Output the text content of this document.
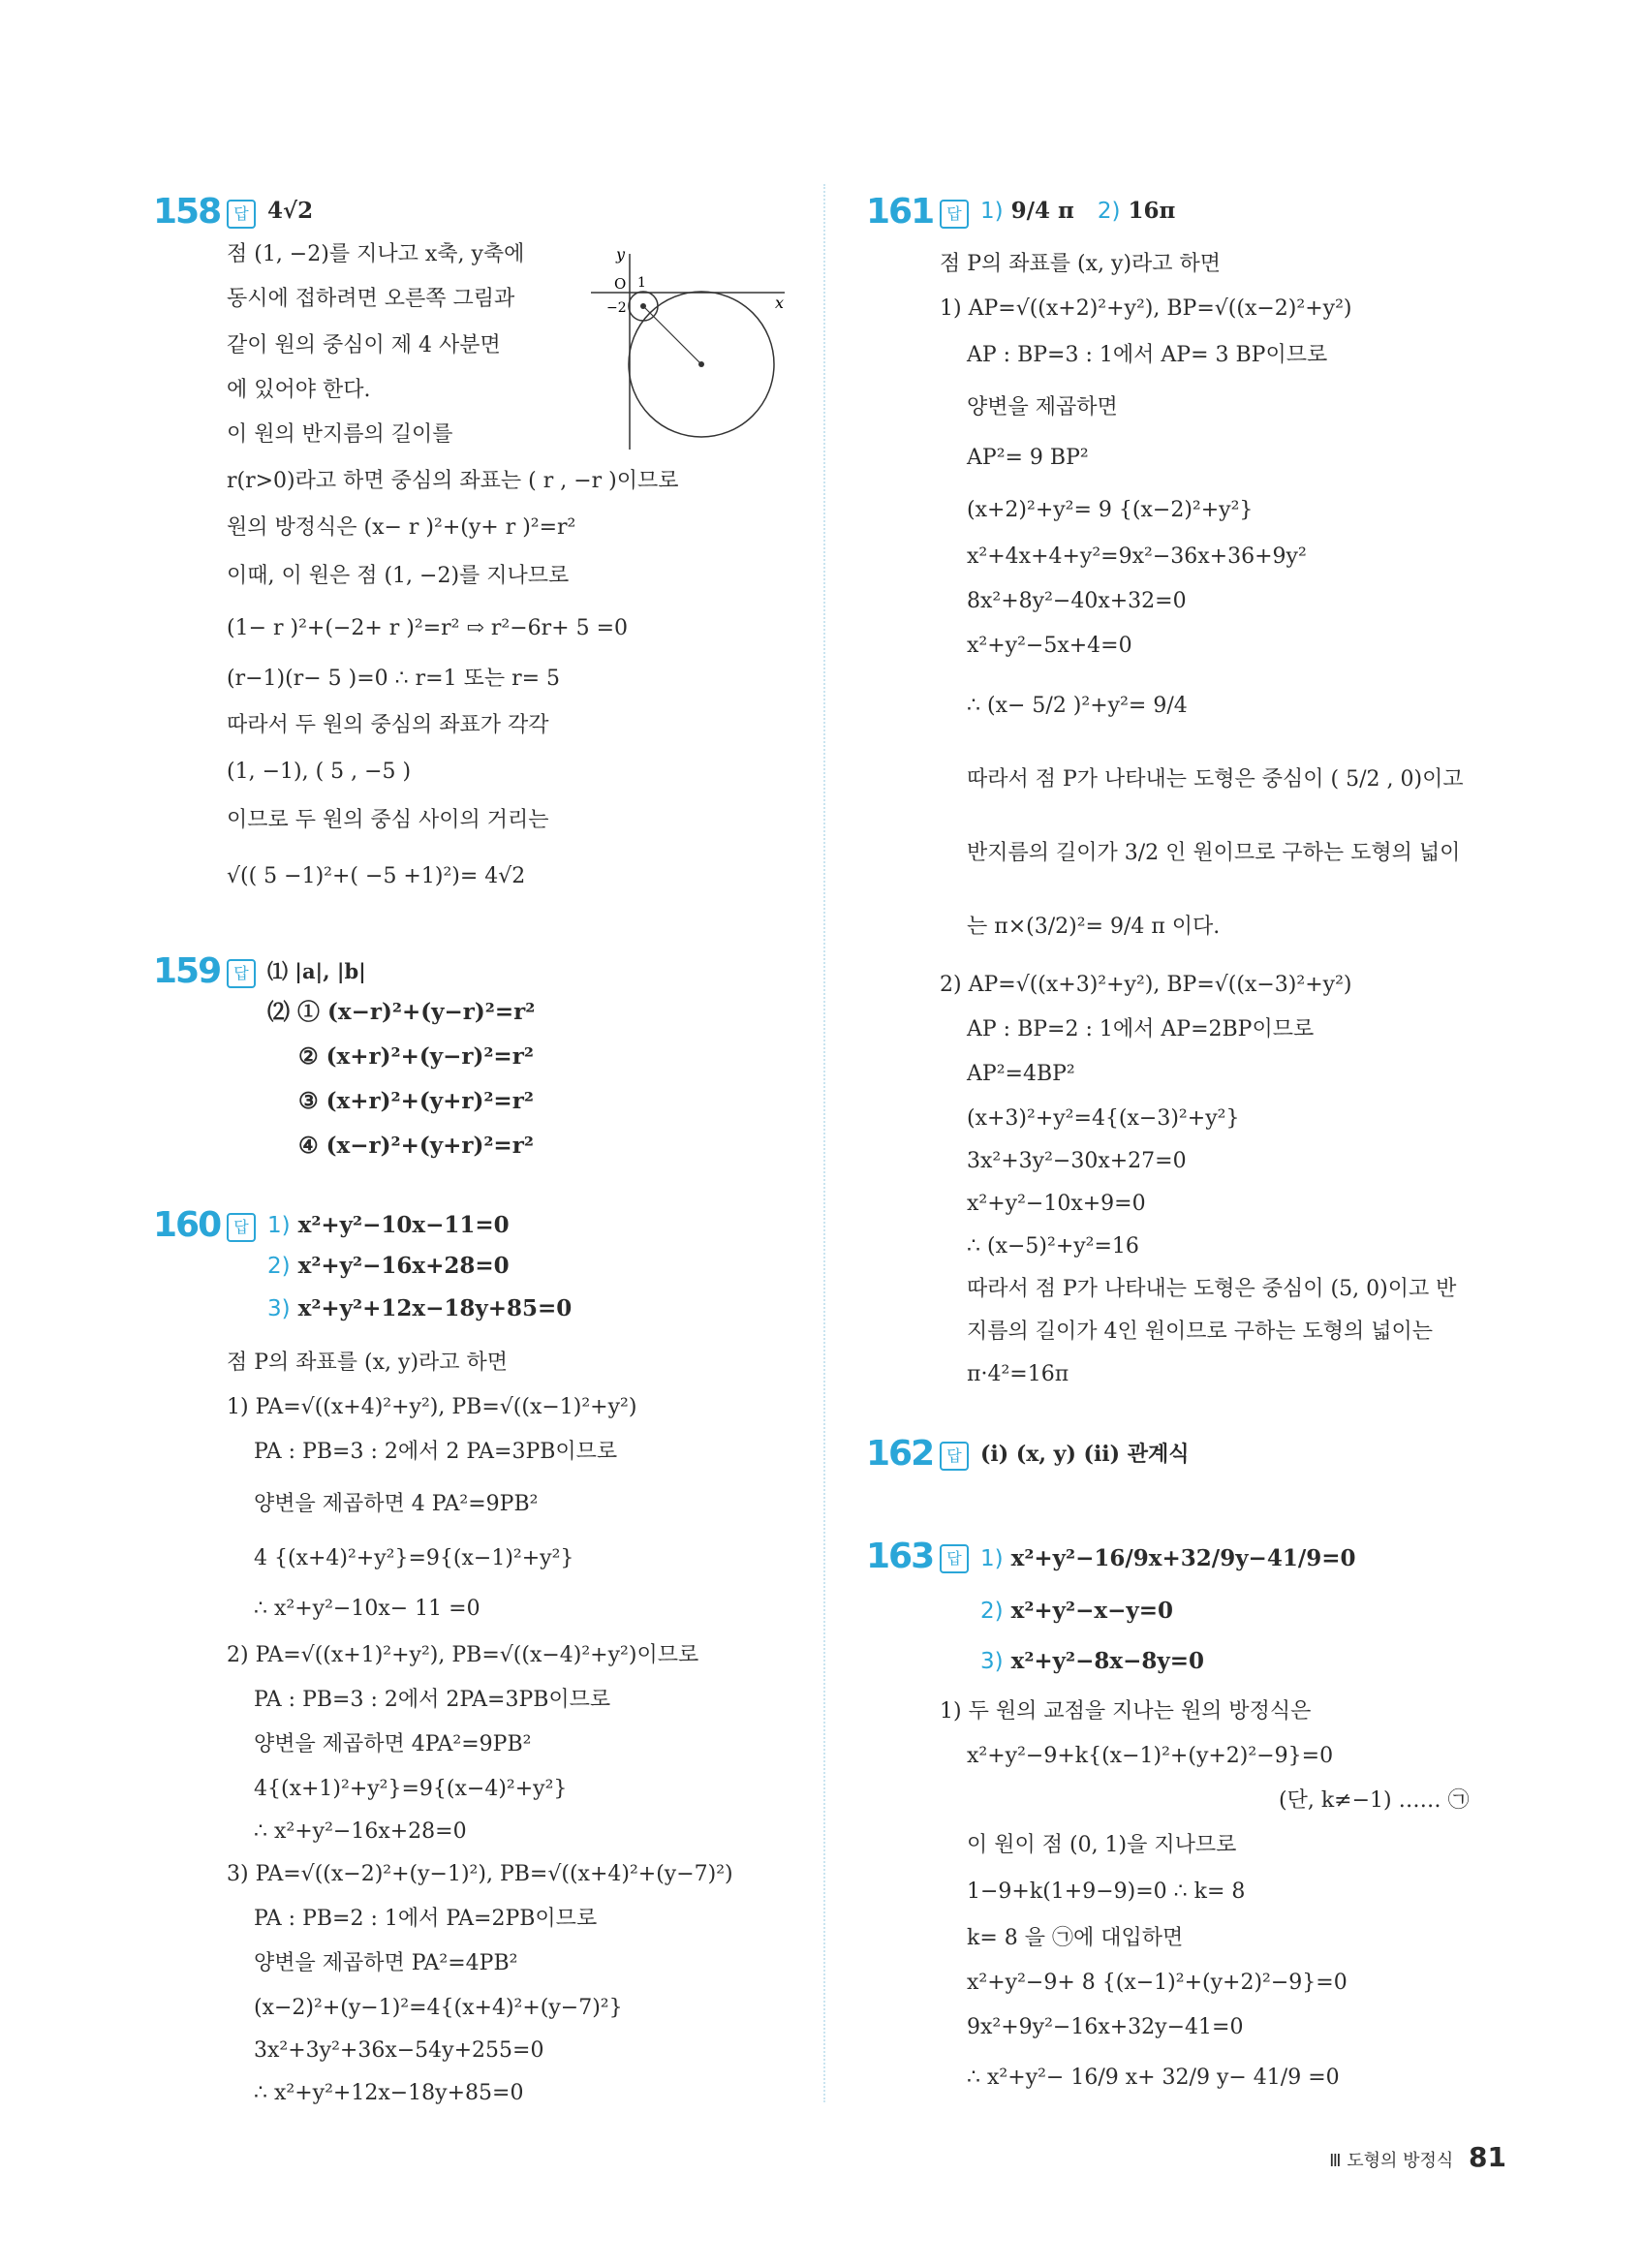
158 답 4√2
점 (1, −2)를 지나고 x축, y축에
동시에 접하려면 오른쪽 그림과
같이 원의 중심이 제 4 사분면
에 있어야 한다.
이 원의 반지름의 길이를
r(r>0)라고 하면 중심의 좌표는 ( r , −r )이므로
원의 방정식은 (x− r )²+(y+ r )²=r²
이때, 이 원은 점 (1, −2)를 지나므로
(1− r )²+(−2+ r )²=r² ⇨ r²−6r+ 5 =0
(r−1)(r− 5 )=0 ∴ r=1 또는 r= 5
따라서 두 원의 중심의 좌표가 각각
(1, −1), ( 5 , −5 )
이므로 두 원의 중심 사이의 거리는
√(( 5 −1)²+( −5 +1)²)= 4√2
O 1
−2	x
y
159 답 ⑴ |a|, |b|
⑵ ① (x−r)²+(y−r)²=r²
② (x+r)²+(y−r)²=r²
③ (x+r)²+(y+r)²=r²
④ (x−r)²+(y+r)²=r²
160 답 1) x²+y²−10x−11=0
2) x²+y²−16x+28=0
3) x²+y²+12x−18y+85=0
점 P의 좌표를 (x, y)라고 하면
1) PA=√((x+4)²+y²), PB=√((x−1)²+y²)
PA : PB=3 : 2에서 2 PA=3PB이므로
양변을 제곱하면 4 PA²=9PB²
4 {(x+4)²+y²}=9{(x−1)²+y²}
∴ x²+y²−10x− 11 =0
2) PA=√((x+1)²+y²), PB=√((x−4)²+y²)이므로
PA : PB=3 : 2에서 2PA=3PB이므로
양변을 제곱하면 4PA²=9PB²
4{(x+1)²+y²}=9{(x−4)²+y²}
∴ x²+y²−16x+28=0
3) PA=√((x−2)²+(y−1)²), PB=√((x+4)²+(y−7)²)
PA : PB=2 : 1에서 PA=2PB이므로
양변을 제곱하면 PA²=4PB²
(x−2)²+(y−1)²=4{(x+4)²+(y−7)²}
3x²+3y²+36x−54y+255=0
∴ x²+y²+12x−18y+85=0
161 답 1) 9/4 π 2) 16π
점 P의 좌표를 (x, y)라고 하면
1) AP=√((x+2)²+y²), BP=√((x−2)²+y²)
AP : BP=3 : 1에서 AP= 3 BP이므로
양변을 제곱하면
AP²= 9 BP²
(x+2)²+y²= 9 {(x−2)²+y²}
x²+4x+4+y²=9x²−36x+36+9y²
8x²+8y²−40x+32=0
x²+y²−5x+4=0
∴ (x− 5/2 )²+y²= 9/4
따라서 점 P가 나타내는 도형은 중심이 ( 5/2 , 0)이고
반지름의 길이가 3/2 인 원이므로 구하는 도형의 넓이
는 π×(3/2)²= 9/4 π 이다.
2) AP=√((x+3)²+y²), BP=√((x−3)²+y²)
AP : BP=2 : 1에서 AP=2BP이므로
AP²=4BP²
(x+3)²+y²=4{(x−3)²+y²}
3x²+3y²−30x+27=0
x²+y²−10x+9=0
∴ (x−5)²+y²=16
따라서 점 P가 나타내는 도형은 중심이 (5, 0)이고 반
지름의 길이가 4인 원이므로 구하는 도형의 넓이는
π·4²=16π
162 답 (i) (x, y) (ii) 관계식
163 답 1) x²+y²−16/9x+32/9y−41/9=0
2) x²+y²−x−y=0
3) x²+y²−8x−8y=0
1) 두 원의 교점을 지나는 원의 방정식은
x²+y²−9+k{(x−1)²+(y+2)²−9}=0
(단, k≠−1) …… ㉠
이 원이 점 (0, 1)을 지나므로
1−9+k(1+9−9)=0 ∴ k= 8
k= 8 을 ㉠에 대입하면
x²+y²−9+ 8 {(x−1)²+(y+2)²−9}=0
9x²+9y²−16x+32y−41=0
∴ x²+y²− 16/9 x+ 32/9 y− 41/9 =0
Ⅲ 도형의 방정식 81
